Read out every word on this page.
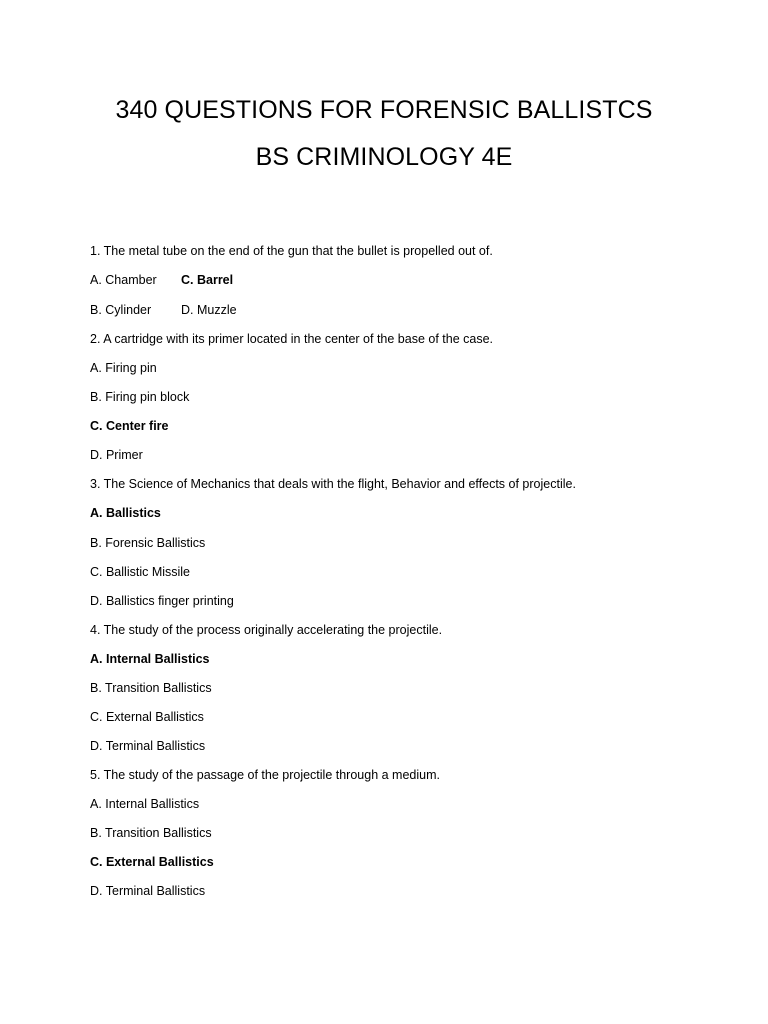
340 QUESTIONS FOR FORENSIC BALLISTCS
BS CRIMINOLOGY 4E
1. The metal tube on the end of the gun that the bullet is propelled out of.
A. Chamber C. Barrel
B. Cylinder D. Muzzle
2. A cartridge with its primer located in the center of the base of the case.
A. Firing pin
B. Firing pin block
C. Center fire
D. Primer
3. The Science of Mechanics that deals with the flight, Behavior and effects of projectile.
A. Ballistics
B. Forensic Ballistics
C. Ballistic Missile
D. Ballistics finger printing
4. The study of the process originally accelerating the projectile.
A. Internal Ballistics
B. Transition Ballistics
C. External Ballistics
D. Terminal Ballistics
5. The study of the passage of the projectile through a medium.
A. Internal Ballistics
B. Transition Ballistics
C. External Ballistics
D. Terminal Ballistics
